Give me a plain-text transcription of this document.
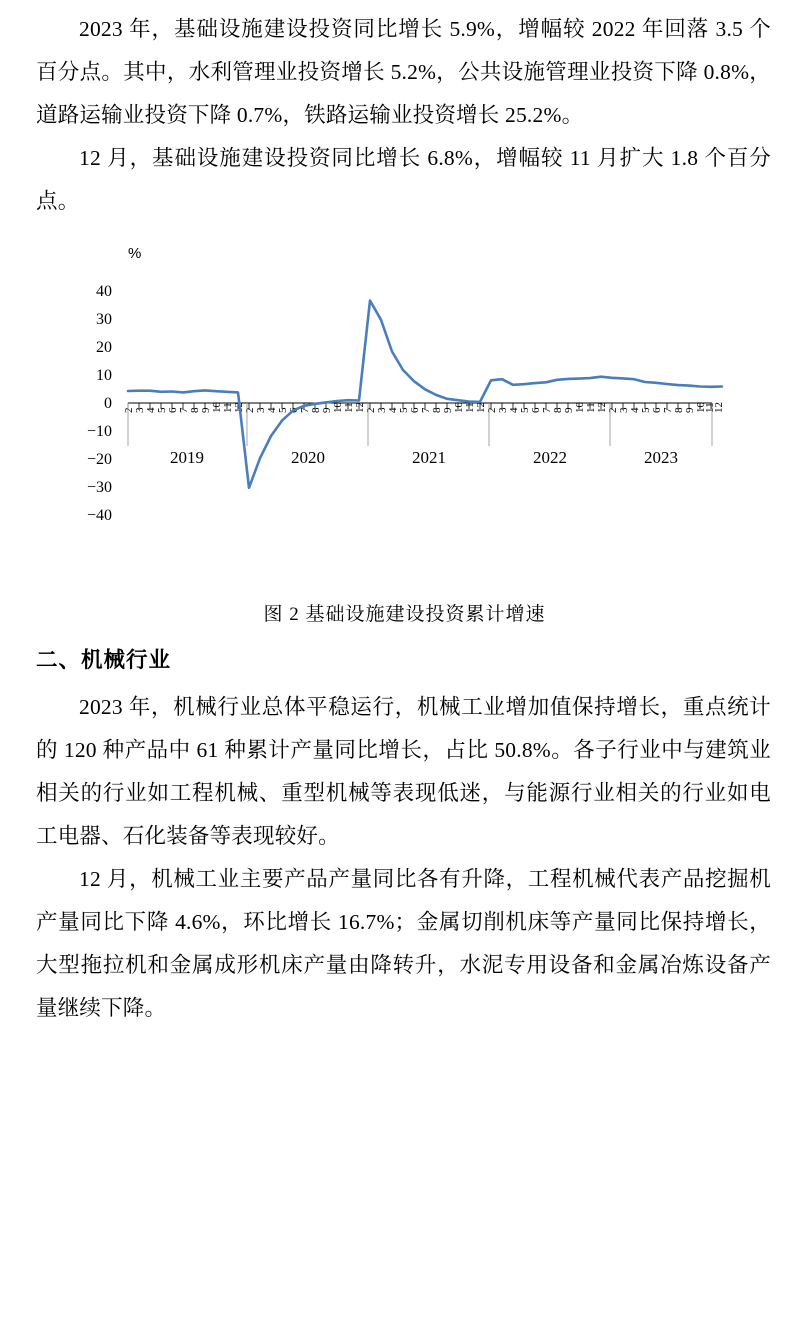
2023 年，基础设施建设投资同比增长 5.9%，增幅较 2022 年回落 3.5 个百分点。其中，水利管理业投资增长 5.2%，公共设施管理业投资下降 0.8%，道路运输业投资下降 0.7%，铁路运输业投资增长 25.2%。

12 月，基础设施建设投资同比增长 6.8%，增幅较 11 月扩大 1.8 个百分点。

%
40
30
20
10
0
−10
−20
−30
−40
2 3 4 5 6 7 8 9 10 11 12 2 3 4 5 6 7 8 9 10 11 12 2 3 4 5 6 7 8 9 10 11 12 2 3 4 5 6 7 8 9 10 11 12 2 3 4 5 6 7 8 9 10
11
12
2019	2020	2021	2022	2023
图 2 基础设施建设投资累计增速
二、机械行业

2023 年，机械行业总体平稳运行，机械工业增加值保持增长，重点统计的 120 种产品中 61 种累计产量同比增长，占比 50.8%。各子行业中与建筑业相关的行业如工程机械、重型机械等表现低迷，与能源行业相关的行业如电工电器、石化装备等表现较好。

12 月，机械工业主要产品产量同比各有升降，工程机械代表产品挖掘机产量同比下降 4.6%，环比增长 16.7%；金属切削机床等产量同比保持增长，大型拖拉机和金属成形机床产量由降转升，水泥专用设备和金属冶炼设备产量继续下降。
